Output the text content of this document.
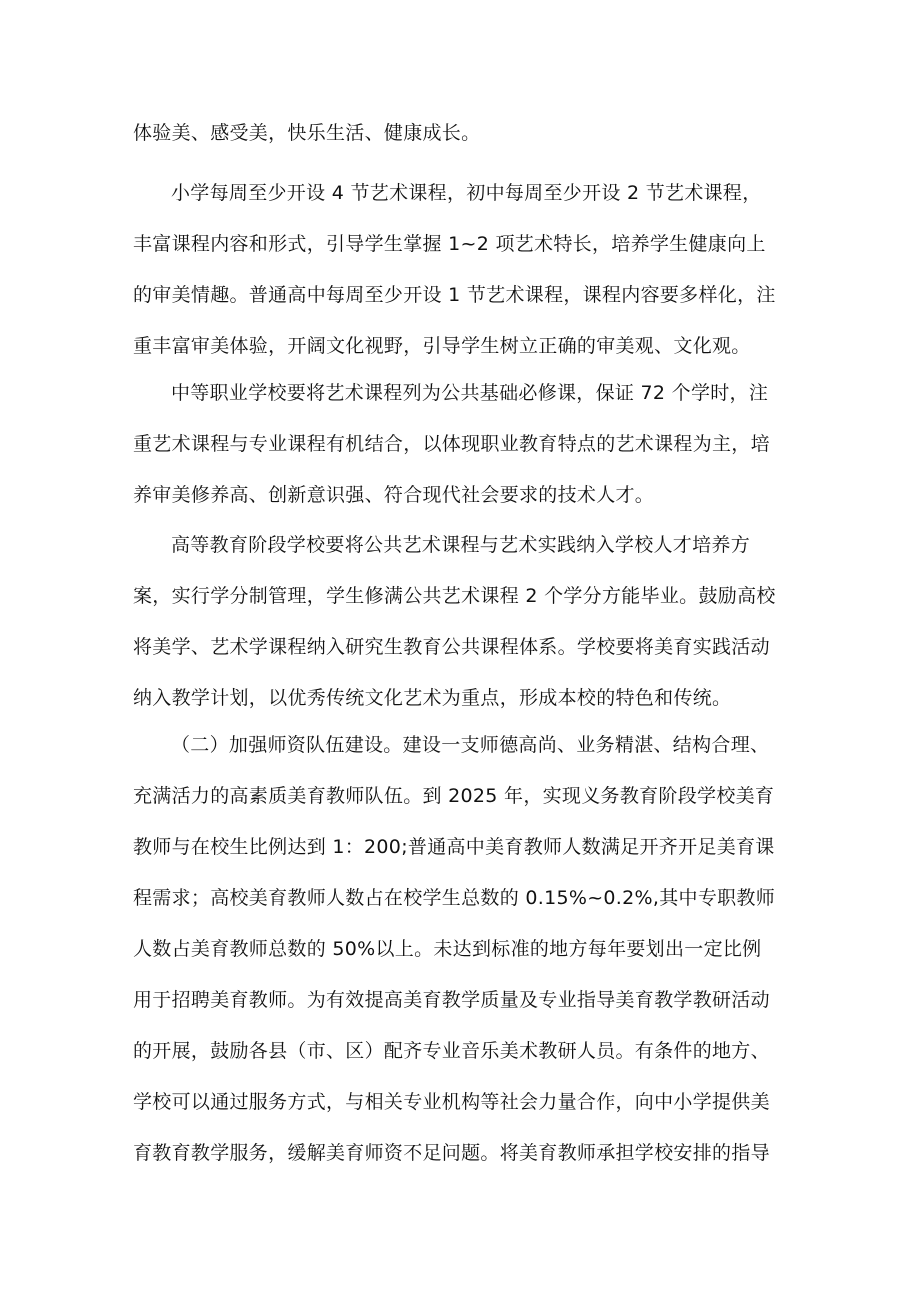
体验美、感受美，快乐生活、健康成长。
小学每周至少开设 4 节艺术课程，初中每周至少开设 2 节艺术课程，
丰富课程内容和形式，引导学生掌握 1~2 项艺术特长，培养学生健康向上
的审美情趣。普通高中每周至少开设 1 节艺术课程，课程内容要多样化，注
重丰富审美体验，开阔文化视野，引导学生树立正确的审美观、文化观。
中等职业学校要将艺术课程列为公共基础必修课，保证 72 个学时，注
重艺术课程与专业课程有机结合，以体现职业教育特点的艺术课程为主，培
养审美修养高、创新意识强、符合现代社会要求的技术人才。
高等教育阶段学校要将公共艺术课程与艺术实践纳入学校人才培养方
案，实行学分制管理，学生修满公共艺术课程 2 个学分方能毕业。鼓励高校
将美学、艺术学课程纳入研究生教育公共课程体系。学校要将美育实践活动
纳入教学计划，以优秀传统文化艺术为重点，形成本校的特色和传统。
（二）加强师资队伍建设。建设一支师德高尚、业务精湛、结构合理、
充满活力的高素质美育教师队伍。到 2025 年，实现义务教育阶段学校美育
教师与在校生比例达到 1：200;普通高中美育教师人数满足开齐开足美育课
程需求；高校美育教师人数占在校学生总数的 0.15%~0.2%,其中专职教师
人数占美育教师总数的 50%以上。未达到标准的地方每年要划出一定比例
用于招聘美育教师。为有效提高美育教学质量及专业指导美育教学教研活动
的开展，鼓励各县（市、区）配齐专业音乐美术教研人员。有条件的地方、
学校可以通过服务方式，与相关专业机构等社会力量合作，向中小学提供美
育教育教学服务，缓解美育师资不足问题。将美育教师承担学校安排的指导
